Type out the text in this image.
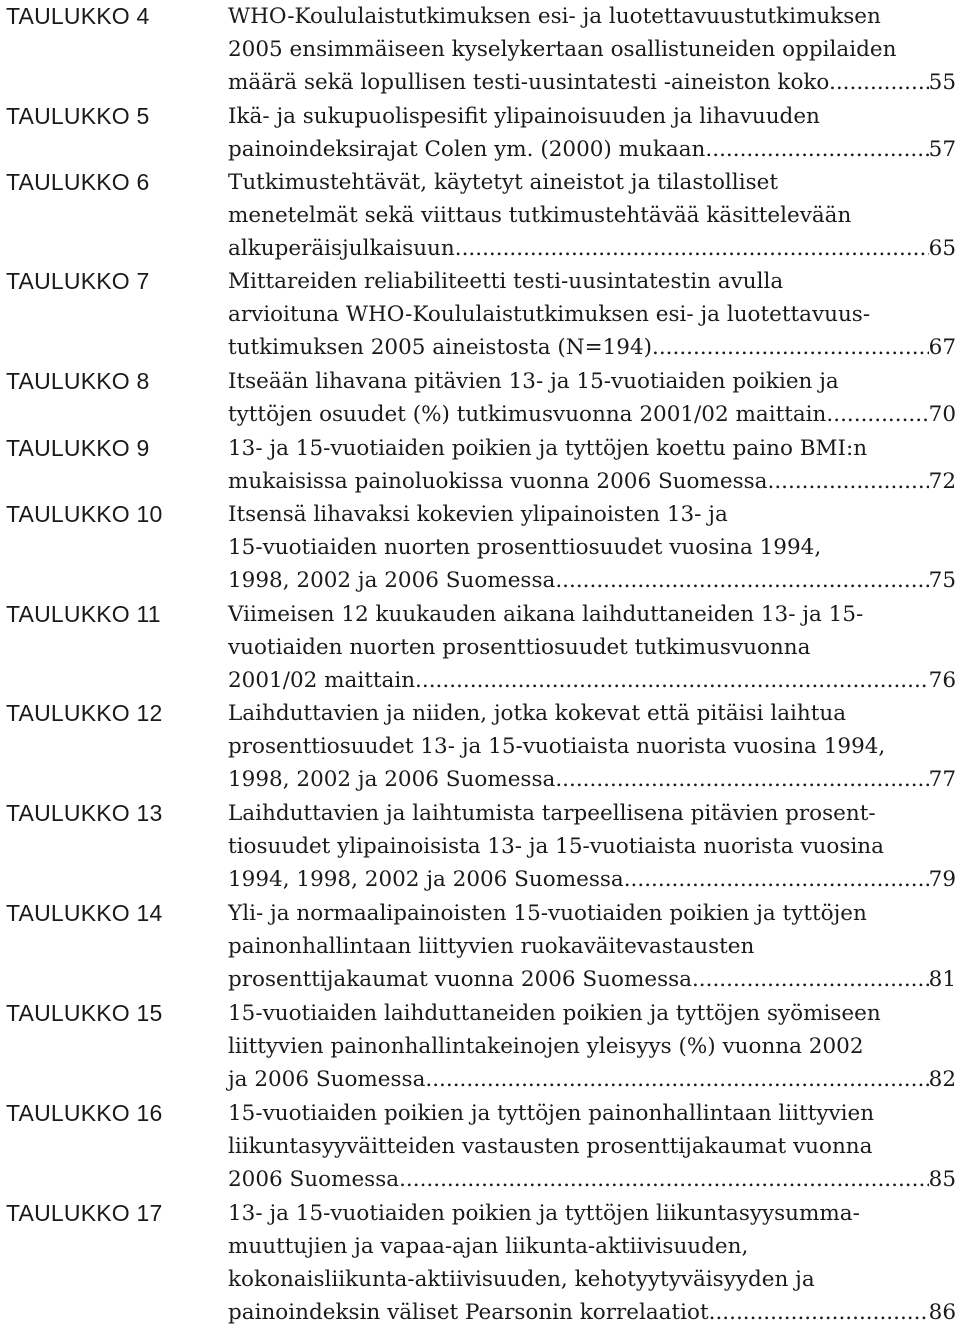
TAULUKKO 4	WHO-Koululaistutkimuksen esi- ja luotettavuustutkimuksen
2005 ensimmäiseen kyselykertaan osallistuneiden oppilaiden
määrä sekä lopullisen testi-uusintatesti -aineiston koko. .....	55
TAULUKKO 5	Ikä- ja sukupuolispesifit ylipainoisuuden ja lihavuuden
painoindeksirajat Colen ym. (2000) mukaan. .....	57
TAULUKKO 6	Tutkimustehtävät, käytetyt aineistot ja tilastolliset
menetelmät sekä viittaus tutkimustehtävää käsittelevään
alkuperäisjulkaisuun. .....	65
TAULUKKO 7	Mittareiden reliabiliteetti testi-uusintatestin avulla
arvioituna WHO-Koululaistutkimuksen esi- ja luotettavuus-
tutkimuksen 2005 aineistosta (N=194). .....	67
TAULUKKO 8	Itseään lihavana pitävien 13- ja 15-vuotiaiden poikien ja
tyttöjen osuudet (%) tutkimusvuonna 2001/02 maittain. .....	70
TAULUKKO 9	13- ja 15-vuotiaiden poikien ja tyttöjen koettu paino BMI:n
mukaisissa painoluokissa vuonna 2006 Suomessa. .....	72
TAULUKKO 10	Itsensä lihavaksi kokevien ylipainoisten 13- ja
15-vuotiaiden nuorten prosenttiosuudet vuosina 1994,
1998, 2002 ja 2006 Suomessa. .....	75
TAULUKKO 11	Viimeisen 12 kuukauden aikana laihduttaneiden 13- ja 15-
vuotiaiden nuorten prosenttiosuudet tutkimusvuonna
2001/02 maittain. .....	76
TAULUKKO 12	Laihduttavien ja niiden, jotka kokevat että pitäisi laihtua
prosenttiosuudet 13- ja 15-vuotiaista nuorista vuosina 1994,
1998, 2002 ja 2006 Suomessa. .....	77
TAULUKKO 13	Laihduttavien ja laihtumista tarpeellisena pitävien prosent-
tiosuudet ylipainoisista 13- ja 15-vuotiaista nuorista vuosina
1994, 1998, 2002 ja 2006 Suomessa. .....	79
TAULUKKO 14	Yli- ja normaalipainoisten 15-vuotiaiden poikien ja tyttöjen
painonhallintaan liittyvien ruokaväitevastausten
prosenttijakaumat vuonna 2006 Suomessa. .....	81
TAULUKKO 15	15-vuotiaiden laihduttaneiden poikien ja tyttöjen syömiseen
liittyvien painonhallintakeinojen yleisyys (%) vuonna 2002
ja 2006 Suomessa. .....	82
TAULUKKO 16	15-vuotiaiden poikien ja tyttöjen painonhallintaan liittyvien
liikuntasyyväitteiden vastausten prosenttijakaumat vuonna
2006 Suomessa. .....	85
TAULUKKO 17	13- ja 15-vuotiaiden poikien ja tyttöjen liikuntasyysumma-
muuttujien ja vapaa-ajan liikunta-aktiivisuuden,
kokonaisliikunta-aktiivisuuden, kehotyytyväisyyden ja
painoindeksin väliset Pearsonin korrelaatiot. .....	86
